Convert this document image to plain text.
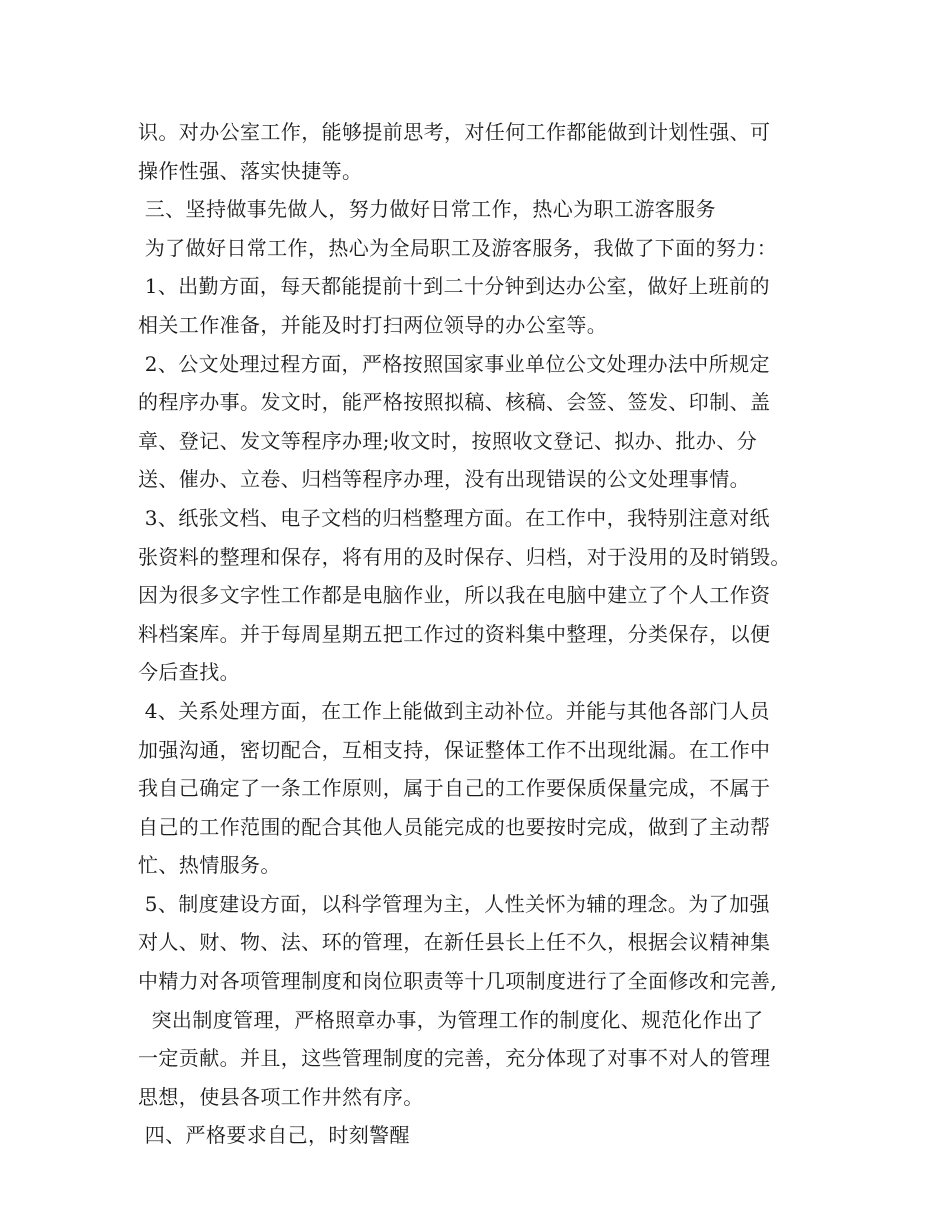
识。对办公室工作，能够提前思考，对任何工作都能做到计划性强、可
操作性强、落实快捷等。
三、坚持做事先做人，努力做好日常工作，热心为职工游客服务
为了做好日常工作，热心为全局职工及游客服务，我做了下面的努力：
1、出勤方面，每天都能提前十到二十分钟到达办公室，做好上班前的
相关工作准备，并能及时打扫两位领导的办公室等。
2、公文处理过程方面，严格按照国家事业单位公文处理办法中所规定
的程序办事。发文时，能严格按照拟稿、核稿、会签、签发、印制、盖
章、登记、发文等程序办理;收文时，按照收文登记、拟办、批办、分
送、催办、立卷、归档等程序办理，没有出现错误的公文处理事情。
3、纸张文档、电子文档的归档整理方面。在工作中，我特别注意对纸
张资料的整理和保存，将有用的及时保存、归档，对于没用的及时销毁。
因为很多文字性工作都是电脑作业，所以我在电脑中建立了个人工作资
料档案库。并于每周星期五把工作过的资料集中整理，分类保存，以便
今后查找。
4、关系处理方面，在工作上能做到主动补位。并能与其他各部门人员
加强沟通，密切配合，互相支持，保证整体工作不出现纰漏。在工作中
我自己确定了一条工作原则，属于自己的工作要保质保量完成，不属于
自己的工作范围的配合其他人员能完成的也要按时完成，做到了主动帮
忙、热情服务。
5、制度建设方面，以科学管理为主，人性关怀为辅的理念。为了加强
对人、财、物、法、环的管理，在新任县长上任不久，根据会议精神集
中精力对各项管理制度和岗位职责等十几项制度进行了全面修改和完善,
突出制度管理，严格照章办事，为管理工作的制度化、规范化作出了
一定贡献。并且，这些管理制度的完善，充分体现了对事不对人的管理
思想，使县各项工作井然有序。
四、严格要求自己，时刻警醒
